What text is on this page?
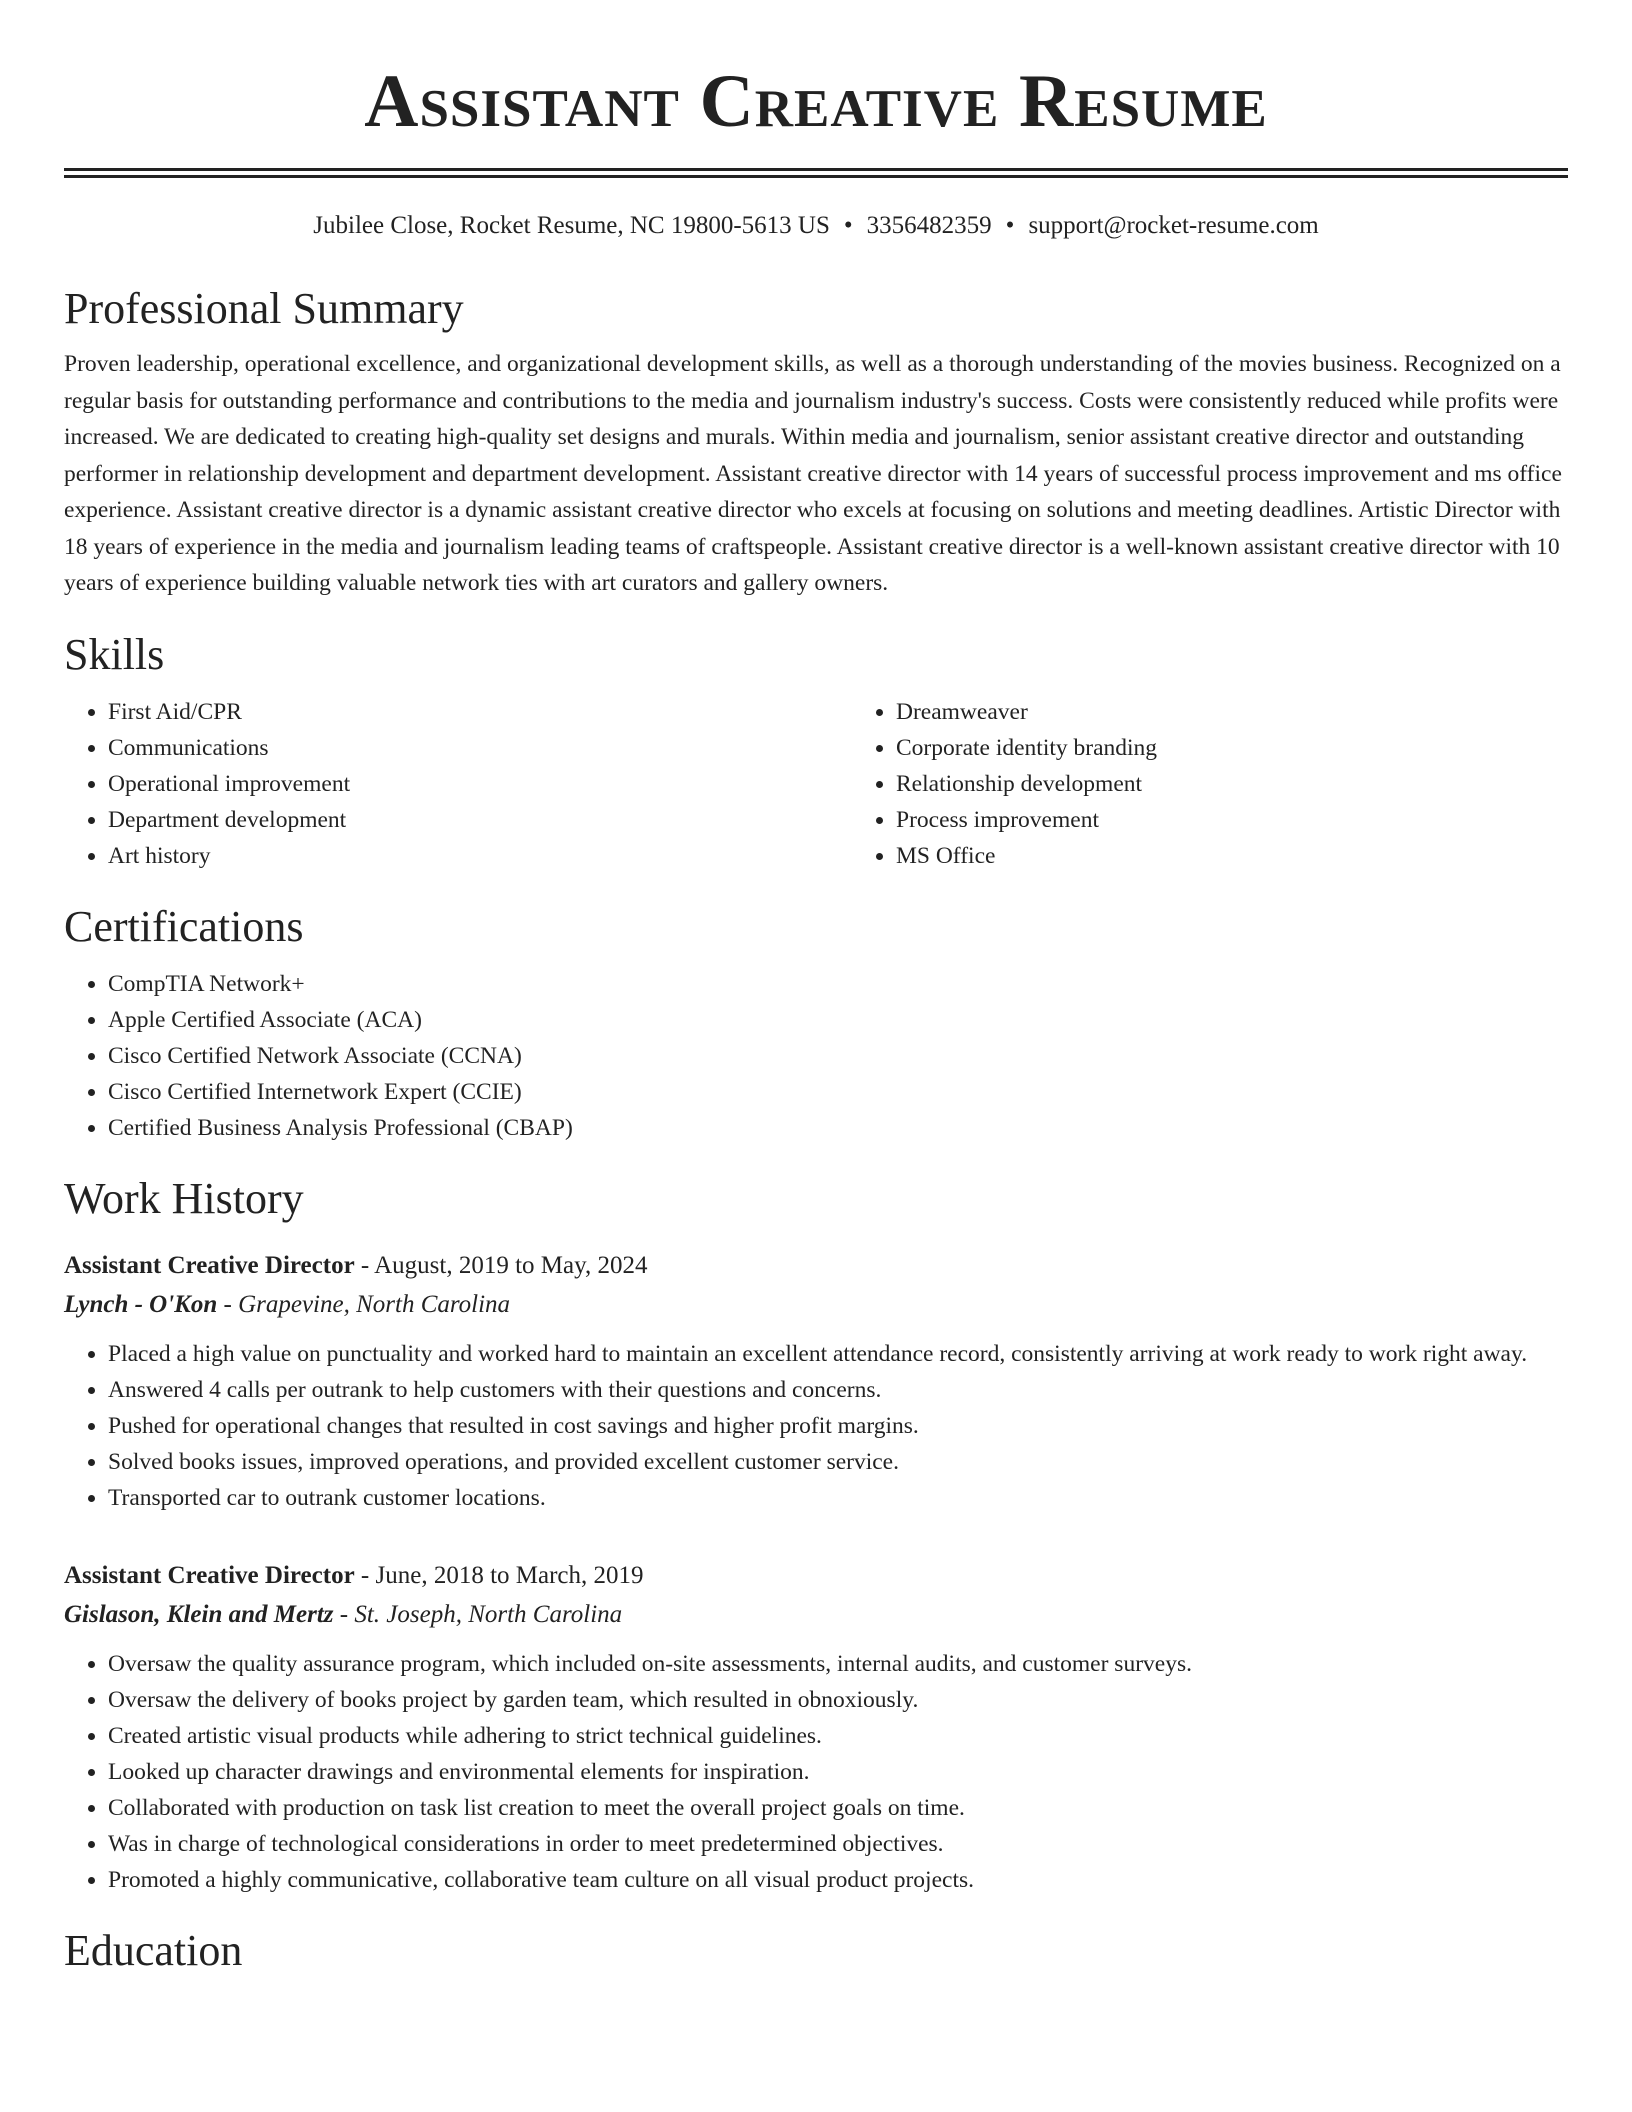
Assistant Creative Resume
Jubilee Close, Rocket Resume, NC 19800-5613 US • 3356482359 • support@rocket-resume.com
Professional Summary

Proven leadership, operational excellence, and organizational development skills, as well as a thorough understanding of the movies business. Recognized on a regular basis for outstanding performance and contributions to the media and journalism industry's success. Costs were consistently reduced while profits were increased. We are dedicated to creating high-quality set designs and murals. Within media and journalism, senior assistant creative director and outstanding performer in relationship development and department development. Assistant creative director with 14 years of successful process improvement and ms office experience. Assistant creative director is a dynamic assistant creative director who excels at focusing on solutions and meeting deadlines. Artistic Director with 18 years of experience in the media and journalism leading teams of craftspeople. Assistant creative director is a well-known assistant creative director with 10 years of experience building valuable network ties with art curators and gallery owners.

Skills
• First Aid/CPR
• Communications
• Operational improvement
• Department development
• Art history
• Dreamweaver
• Corporate identity branding
• Relationship development
• Process improvement
• MS Office
Certifications
• CompTIA Network+
• Apple Certified Associate (ACA)
• Cisco Certified Network Associate (CCNA)
• Cisco Certified Internetwork Expert (CCIE)
• Certified Business Analysis Professional (CBAP)
Work History
Assistant Creative Director - August, 2019 to May, 2024
Lynch - O'Kon - Grapevine, North Carolina
• Placed a high value on punctuality and worked hard to maintain an excellent attendance record, consistently arriving at work ready to work right away.
• Answered 4 calls per outrank to help customers with their questions and concerns.
• Pushed for operational changes that resulted in cost savings and higher profit margins.
• Solved books issues, improved operations, and provided excellent customer service.
• Transported car to outrank customer locations.
Assistant Creative Director - June, 2018 to March, 2019
Gislason, Klein and Mertz - St. Joseph, North Carolina
• Oversaw the quality assurance program, which included on-site assessments, internal audits, and customer surveys.
• Oversaw the delivery of books project by garden team, which resulted in obnoxiously.
• Created artistic visual products while adhering to strict technical guidelines.
• Looked up character drawings and environmental elements for inspiration.
• Collaborated with production on task list creation to meet the overall project goals on time.
• Was in charge of technological considerations in order to meet predetermined objectives.
• Promoted a highly communicative, collaborative team culture on all visual product projects.
Education
